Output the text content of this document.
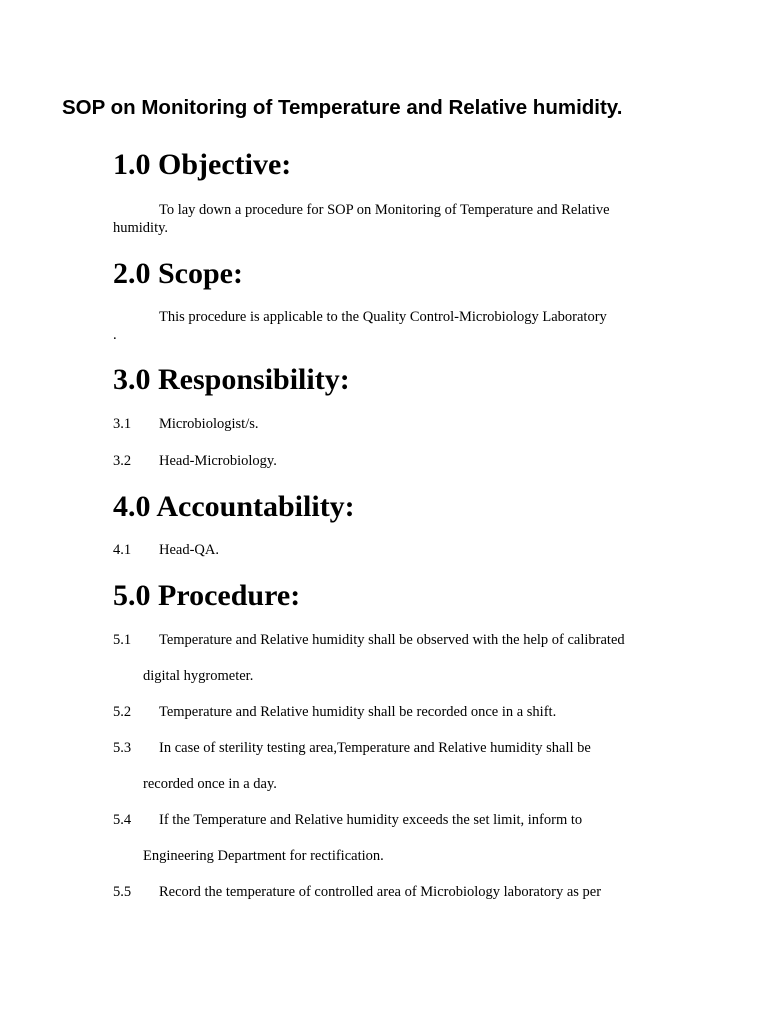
SOP on Monitoring of Temperature and Relative humidity.
1.0 Objective:

To lay down a procedure for SOP on Monitoring of Temperature and Relative
humidity.

2.0 Scope:

This procedure is applicable to the Quality Control-Microbiology Laboratory
.

3.0 Responsibility:

3.1 Microbiologist/s.

3.2 Head-Microbiology.

4.0 Accountability:

4.1 Head-QA.

5.0 Procedure:

5.1 Temperature and Relative humidity shall be observed with the help of calibrated

digital hygrometer.

5.2 Temperature and Relative humidity shall be recorded once in a shift.

5.3 In case of sterility testing area,Temperature and Relative humidity shall be

recorded once in a day.

5.4 If the Temperature and Relative humidity exceeds the set limit, inform to

Engineering Department for rectification.

5.5 Record the temperature of controlled area of Microbiology laboratory as per
